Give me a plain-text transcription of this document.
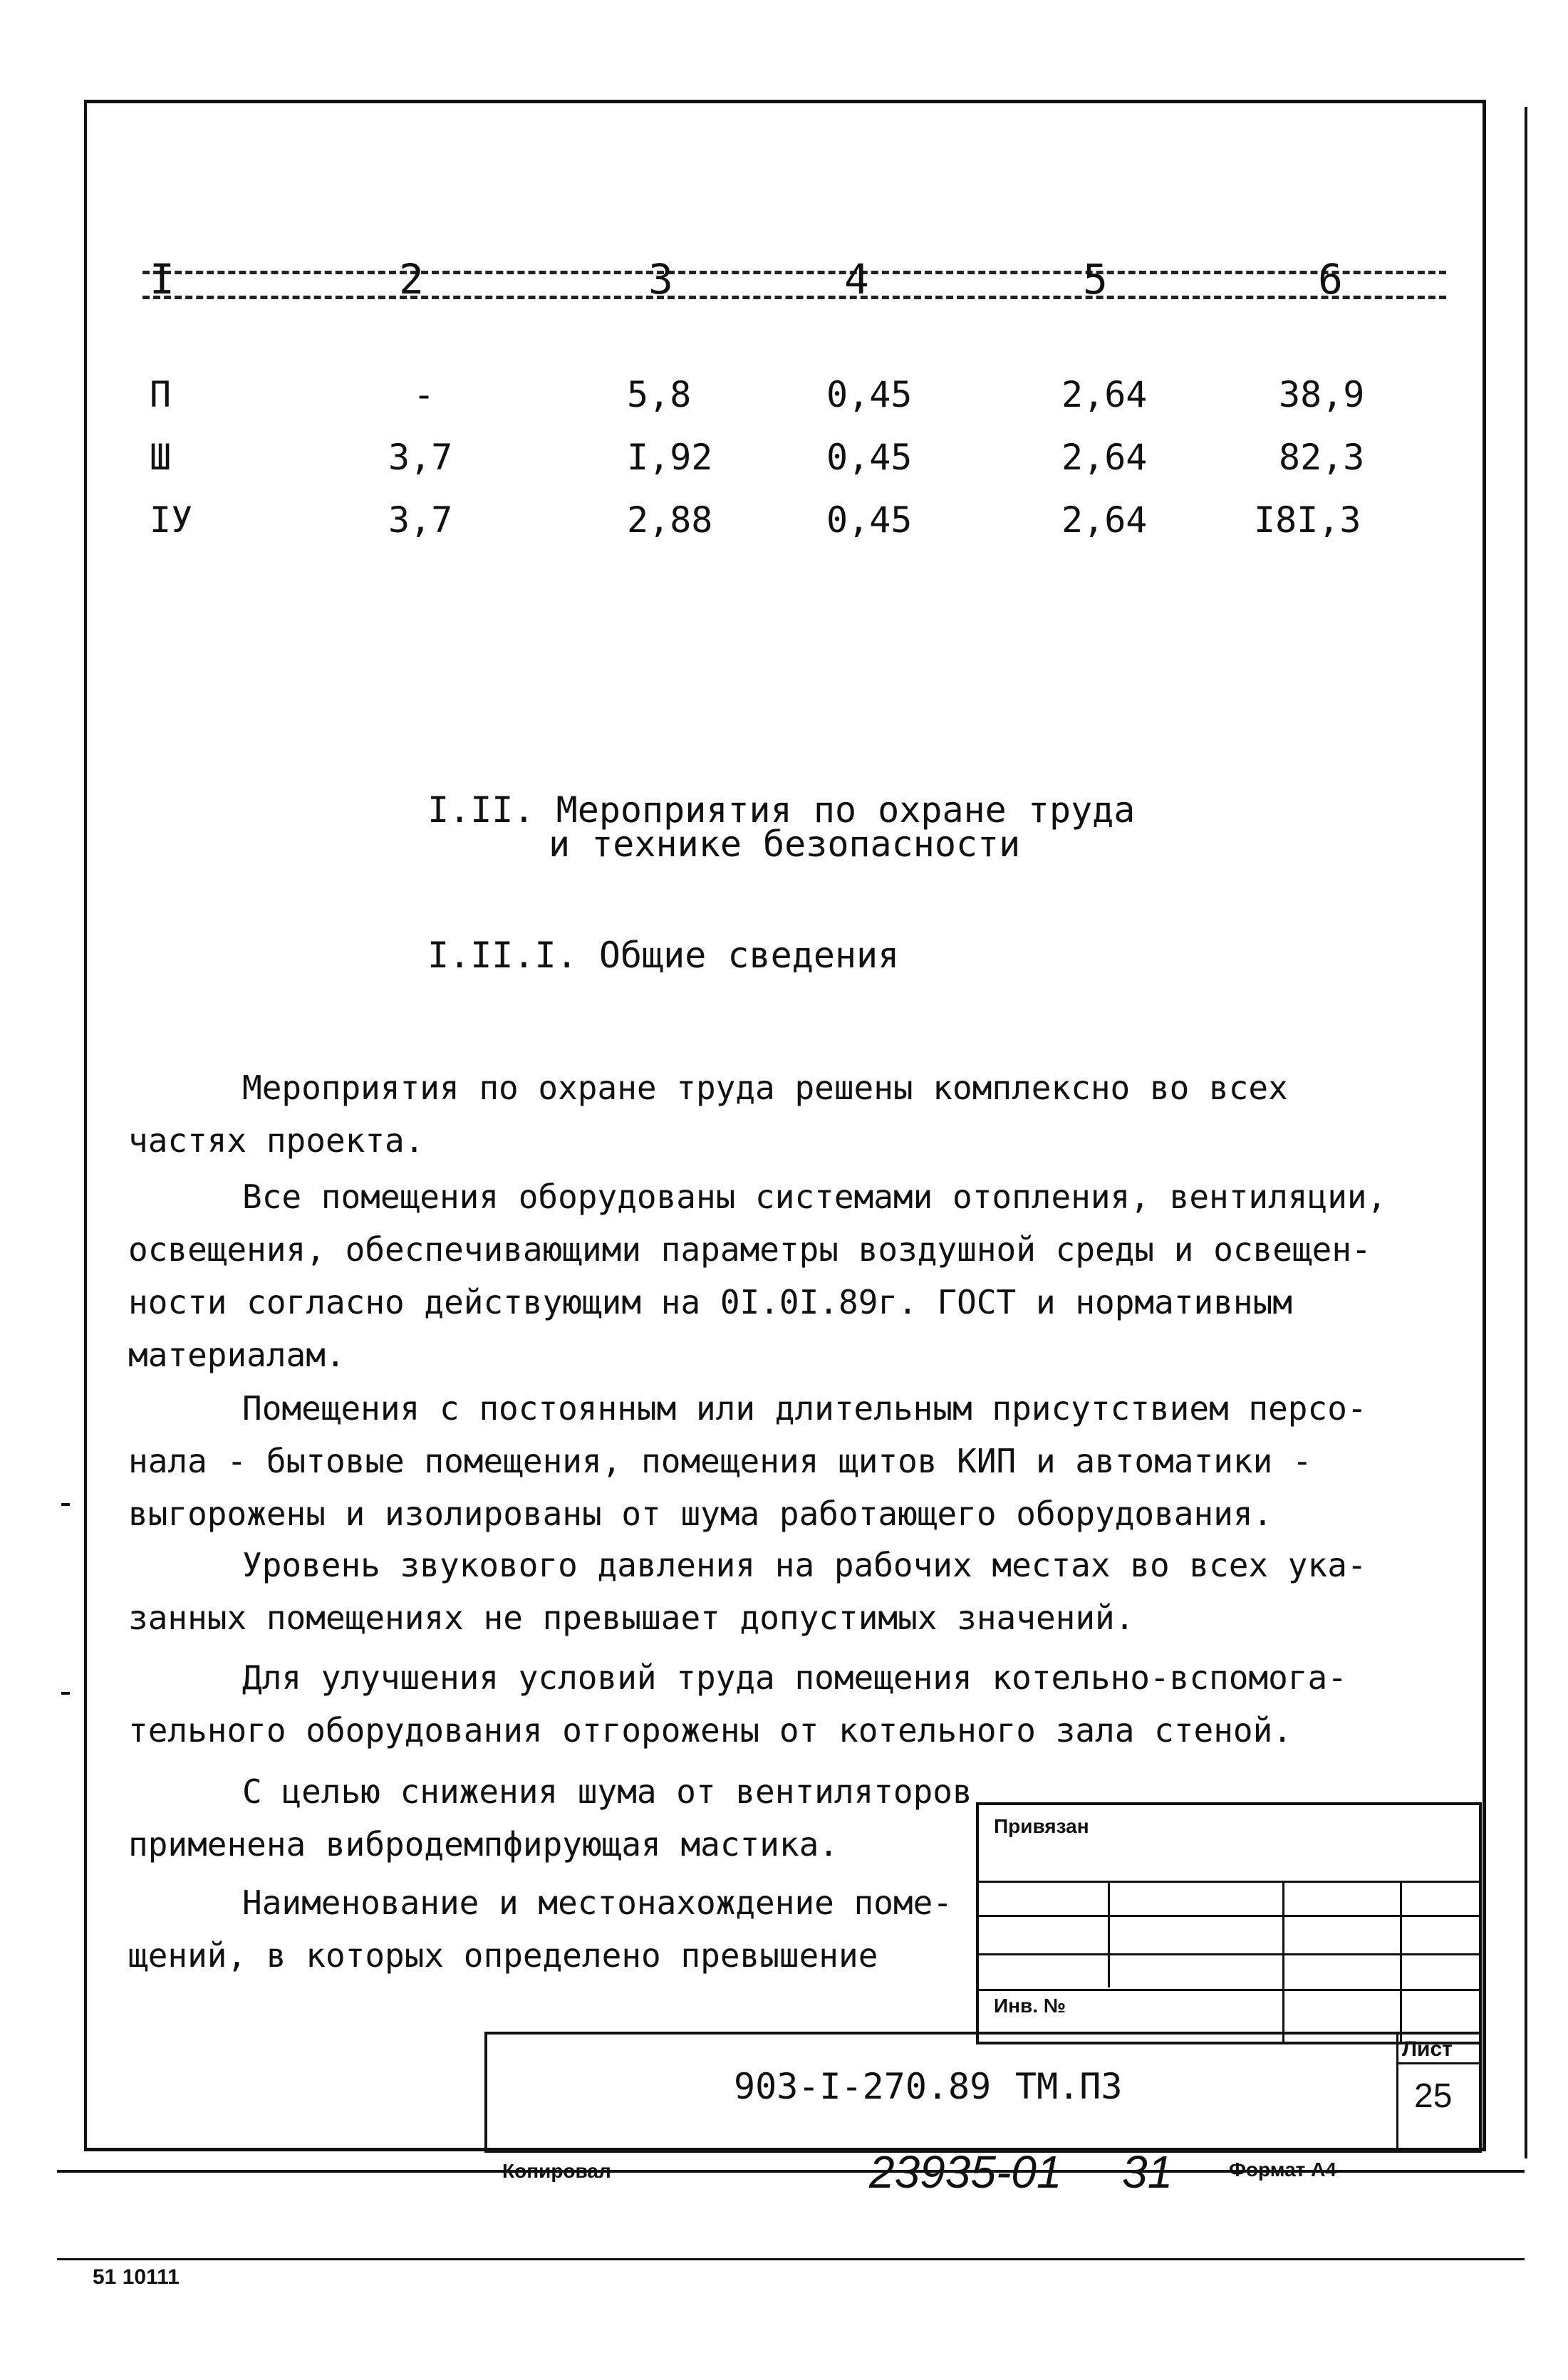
I	2	3	4	5	6
П	-	5,8	0,45	2,64	38,9
Ш	3,7	I,92	0,45	2,64	82,3
IУ	3,7	2,88	0,45	2,64	I8I,3
I.II. Мероприятия по охране труда
и технике безопасности
I.II.I. Общие сведения
Мероприятия по охране труда решены комплексно во всех
частях проекта.
Все помещения оборудованы системами отопления, вентиляции,
освещения, обеспечивающими параметры воздушной среды и освещен-
ности согласно действующим на 0I.0I.89г. ГОСТ и нормативным
материалам.
Помещения с постоянным или длительным присутствием персо-
нала - бытовые помещения, помещения щитов КИП и автоматики -
выгорожены и изолированы от шума работающего оборудования.
Уровень звукового давления на рабочих местах во всех ука-
занных помещениях не превышает допустимых значений.
Для улучшения условий труда помещения котельно-вспомога-
тельного оборудования отгорожены от котельного зала стеной.
С целью снижения шума от вентиляторов
применена вибродемпфирующая мастика.
Наименование и местонахождение поме-
щений, в которых определено превышение
Привязан
Инв. №
Лист
25
903-I-270.89 ТМ.ПЗ
Копировал	23935-01 31	Формат А4
51 10111
